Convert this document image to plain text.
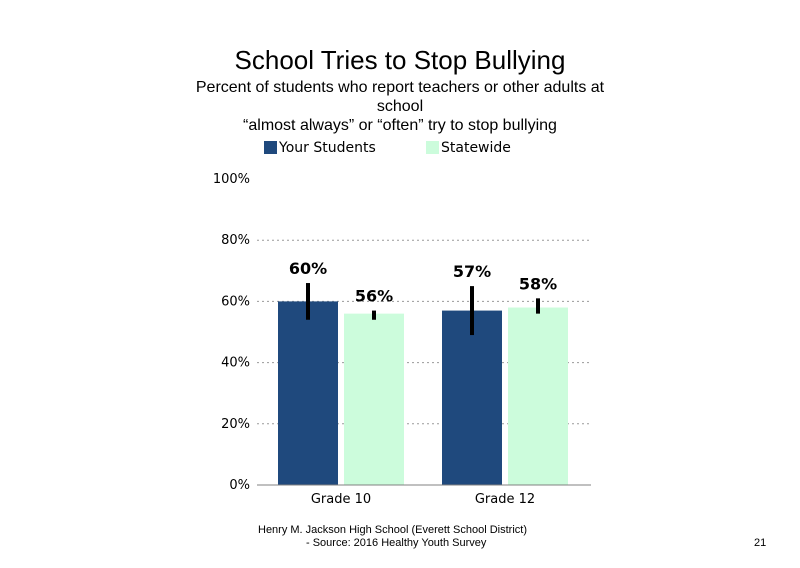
School Tries to Stop Bullying
Percent of students who report teachers or other adults at school
“almost always” or “often” try to stop bullying
Your Students	Statewide
0%
20%
40%
60%
80%
100%
60%	57%
56%
58%
Grade 10	Grade 12
Henry M. Jackson High School (Everett School District)
- Source: 2016 Healthy Youth Survey	21
